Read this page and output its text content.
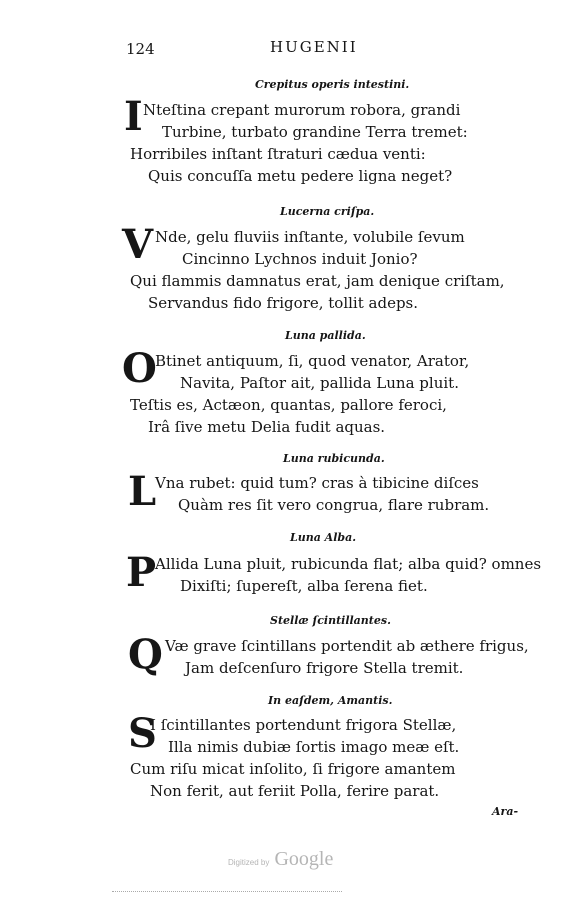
124	HUGENII
Crepitus operis intestini.
I Nteſtina crepant murorum robora, grandi
Turbine, turbato grandine Terra tremet:
Horribiles inſtant ſtraturi cædua venti:
Quis concuſſa metu pedere ligna neget?
Lucerna criſpa.
V Nde, gelu fluviis inſtante, volubile ſevum
Cincinno Lychnos induit Jonio?
Qui flammis damnatus erat, jam denique criſtam,
Servandus fido frigore, tollit adeps.
Luna pallida.
O
Btinet antiquum, ſi, quod venator, Arator,
Navita, Paſtor ait, pallida Luna pluit.
Teſtis es, Actæon, quantas, pallore feroci,
Irâ ſive metu Delia fudit aquas.
Luna rubicunda.
L
Vna rubet: quid tum? cras à tibicine diſces
Quàm res ſit vero congrua, flare rubram.
Luna Alba.
P
Allida Luna pluit, rubicunda flat; alba quid? omnes
Dixiſti; ſupereſt, alba ſerena fiet.
Stellæ ſcintillantes.
Q Væ grave ſcintillans portendit ab æthere frigus,
Jam deſcenſuro frigore Stella tremit.
In eaſdem, Amantis.
S
I ſcintillantes portendunt frigora Stellæ,
Illa nimis dubiæ ſortis imago meæ eſt.
Cum riſu micat inſolito, ſi frigore amantem
Non ferit, aut feriit Polla, ferire parat.
Ara-
Digitized by Google
